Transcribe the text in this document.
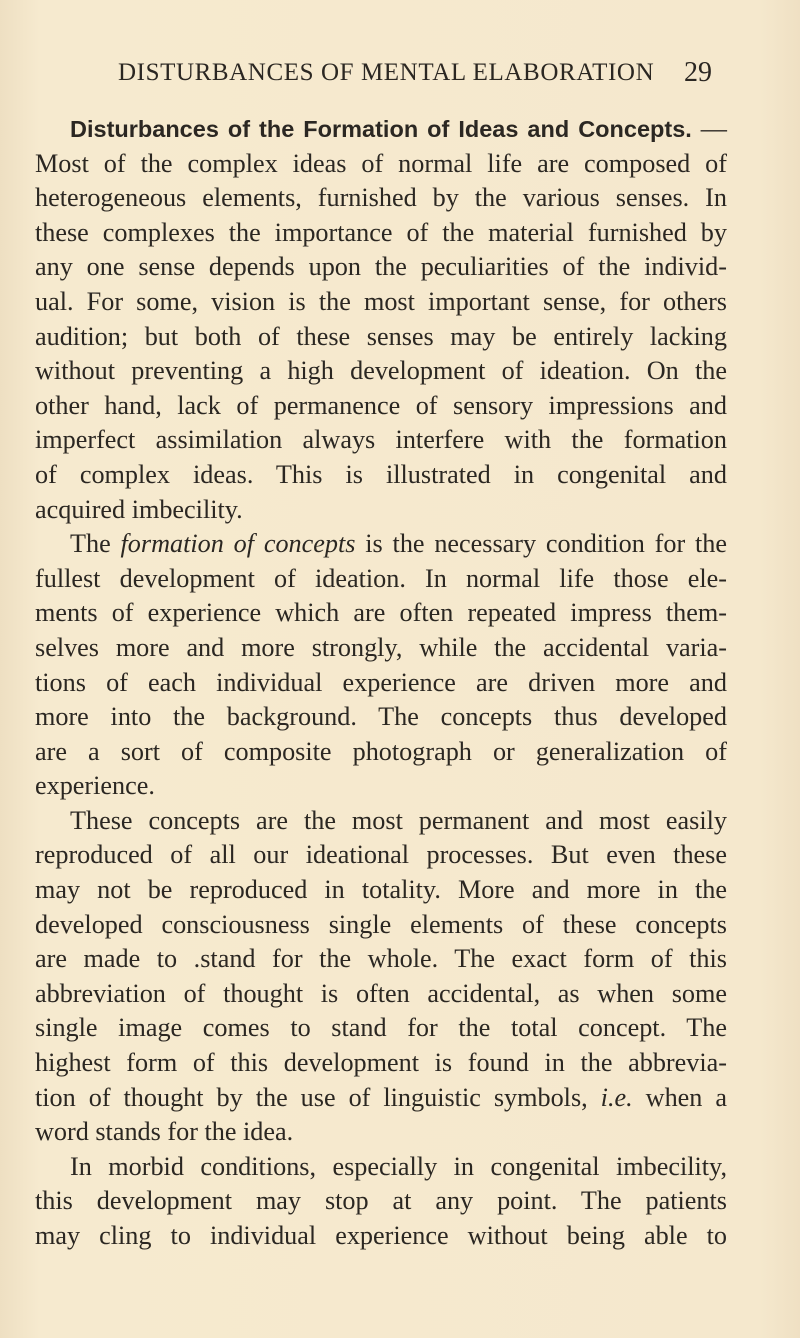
DISTURBANCES OF MENTAL ELABORATION 29
Disturbances of the Formation of Ideas and Concepts. —
Most of the complex ideas of normal life are composed of
heterogeneous elements, furnished by the various senses. In
these complexes the importance of the material furnished by
any one sense depends upon the peculiarities of the individ-
ual. For some, vision is the most important sense, for others
audition; but both of these senses may be entirely lacking
without preventing a high development of ideation. On the
other hand, lack of permanence of sensory impressions and
imperfect assimilation always interfere with the formation
of complex ideas. This is illustrated in congenital and
acquired imbecility.
The formation of concepts is the necessary condition for the
fullest development of ideation. In normal life those ele-
ments of experience which are often repeated impress them-
selves more and more strongly, while the accidental varia-
tions of each individual experience are driven more and
more into the background. The concepts thus developed
are a sort of composite photograph or generalization of
experience.
These concepts are the most permanent and most easily
reproduced of all our ideational processes. But even these
may not be reproduced in totality. More and more in the
developed consciousness single elements of these concepts
are made to .stand for the whole. The exact form of this
abbreviation of thought is often accidental, as when some
single image comes to stand for the total concept. The
highest form of this development is found in the abbrevia-
tion of thought by the use of linguistic symbols, i.e. when a
word stands for the idea.
In morbid conditions, especially in congenital imbecility,
this development may stop at any point. The patients
may cling to individual experience without being able to
